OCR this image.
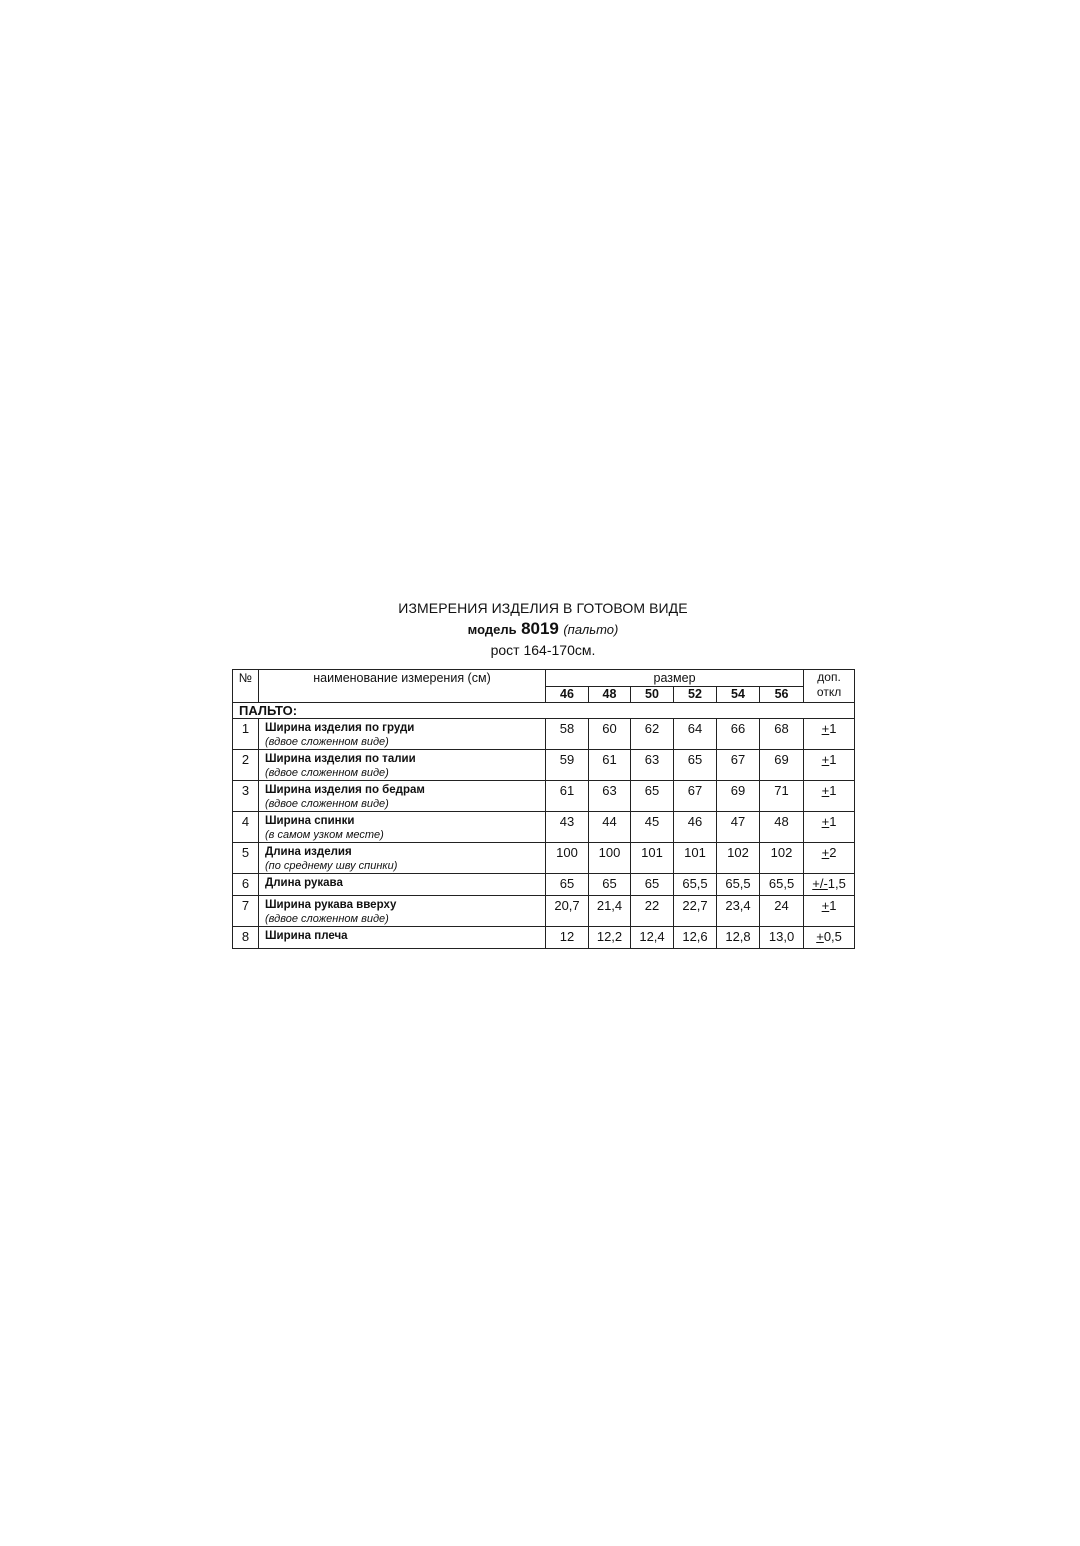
ИЗМЕРЕНИЯ ИЗДЕЛИЯ В ГОТОВОМ ВИДЕ
модель 8019 (пальто)
рост 164-170см.
№	наименование измерения (см)	размер						доп.
откл
		46	48	50	52	54	56	
ПАЛЬТО:								
1	Ширина изделия по груди
(вдвое сложенном виде)	58	60	62	64	66	68	+1
2	Ширина изделия по талии
(вдвое сложенном виде)	59	61	63	65	67	69	+1
3	Ширина изделия по бедрам
(вдвое сложенном виде)	61	63	65	67	69	71	+1
4	Ширина спинки
(в самом узком месте)	43	44	45	46	47	48	+1
5	Длина изделия
(по среднему шву спинки)	100	100	101	101	102	102	+2
6	Длина рукава	65	65	65	65,5	65,5	65,5	+/-1,5
7	Ширина рукава вверху
(вдвое сложенном виде)	20,7	21,4	22	22,7	23,4	24	+1
8	Ширина плеча	12	12,2	12,4	12,6	12,8	13,0	+0,5
